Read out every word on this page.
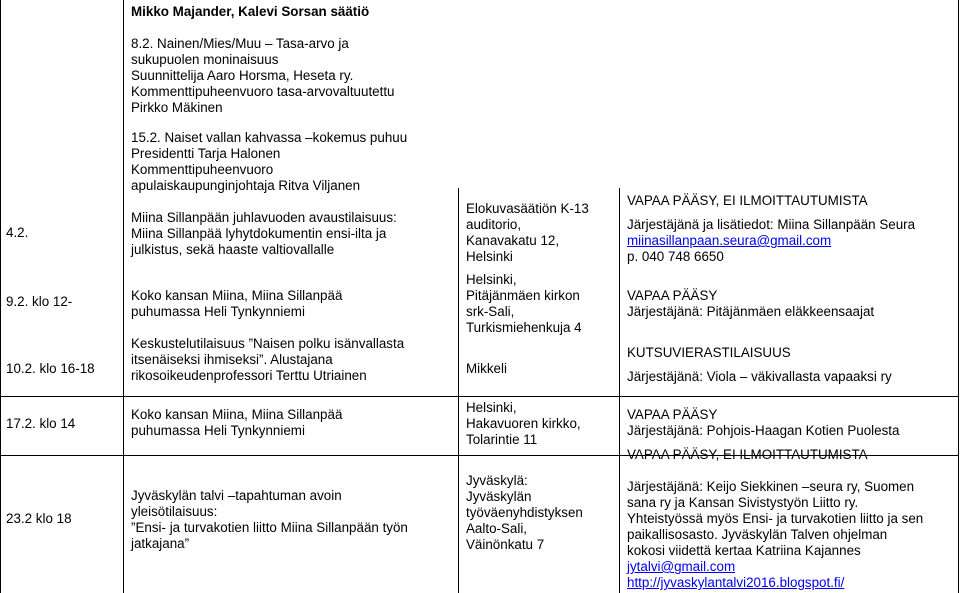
Mikko Majander, Kalevi Sorsan säätiö
8.2. Nainen/Mies/Muu – Tasa-arvo ja
sukupuolen moninaisuus
Suunnittelija Aaro Horsma, Heseta ry.
Kommenttipuheenvuoro tasa-arvovaltuutettu
Pirkko Mäkinen
15.2. Naiset vallan kahvassa –kokemus puhuu
Presidentti Tarja Halonen
Kommenttipuheenvuoro
apulaiskaupunginjohtaja Ritva Viljanen
4.2.
Miina Sillanpään juhlavuoden avaustilaisuus:
Miina Sillanpää lyhytdokumentin ensi-ilta ja
julkistus, sekä haaste valtiovallalle
Elokuvasäätiön K-13
auditorio,
Kanavakatu 12,
Helsinki
VAPAA PÄÄSY, EI ILMOITTAUTUMISTA
Järjestäjänä ja lisätiedot: Miina Sillanpään Seura
miinasillanpaan.seura@gmail.com
p. 040 748 6650
9.2. klo 12-	Koko kansan Miina, Miina Sillanpää
puhumassa Heli Tynkynniemi
Helsinki,
Pitäjänmäen kirkon
srk-Sali,
Turkismiehenkuja 4
VAPAA PÄÄSY
Järjestäjänä: Pitäjänmäen eläkkeensaajat
10.2. klo 16-18
Keskustelutilaisuus ”Naisen polku isänvallasta
itsenäiseksi ihmiseksi”. Alustajana
rikosoikeudenprofessori Terttu Utriainen	Mikkeli
KUTSUVIERASTILAISUUS
Järjestäjänä: Viola – väkivallasta vapaaksi ry
17.2. klo 14
Koko kansan Miina, Miina Sillanpää
puhumassa Heli Tynkynniemi
Helsinki,
Hakavuoren kirkko,
Tolarintie 11
VAPAA PÄÄSY
Järjestäjänä: Pohjois-Haagan Kotien Puolesta
23.2 klo 18
Jyväskylän talvi –tapahtuman avoin
yleisötilaisuus:
”Ensi- ja turvakotien liitto Miina Sillanpään työn
jatkajana”
Jyväskylä:
Jyväskylän
työväenyhdistyksen
Aalto-Sali,
Väinönkatu 7
VAPAA PÄÄSY, EI ILMOITTAUTUMISTA
Järjestäjänä: Keijo Siekkinen –seura ry, Suomen
sana ry ja Kansan Sivistystyön Liitto ry.
Yhteistyössä myös Ensi- ja turvakotien liitto ja sen
paikallisosasto. Jyväskylän Talven ohjelman
kokosi viidettä kertaa Katriina Kajannes
jytalvi@gmail.com
http://jyvaskylantalvi2016.blogspot.fi/
